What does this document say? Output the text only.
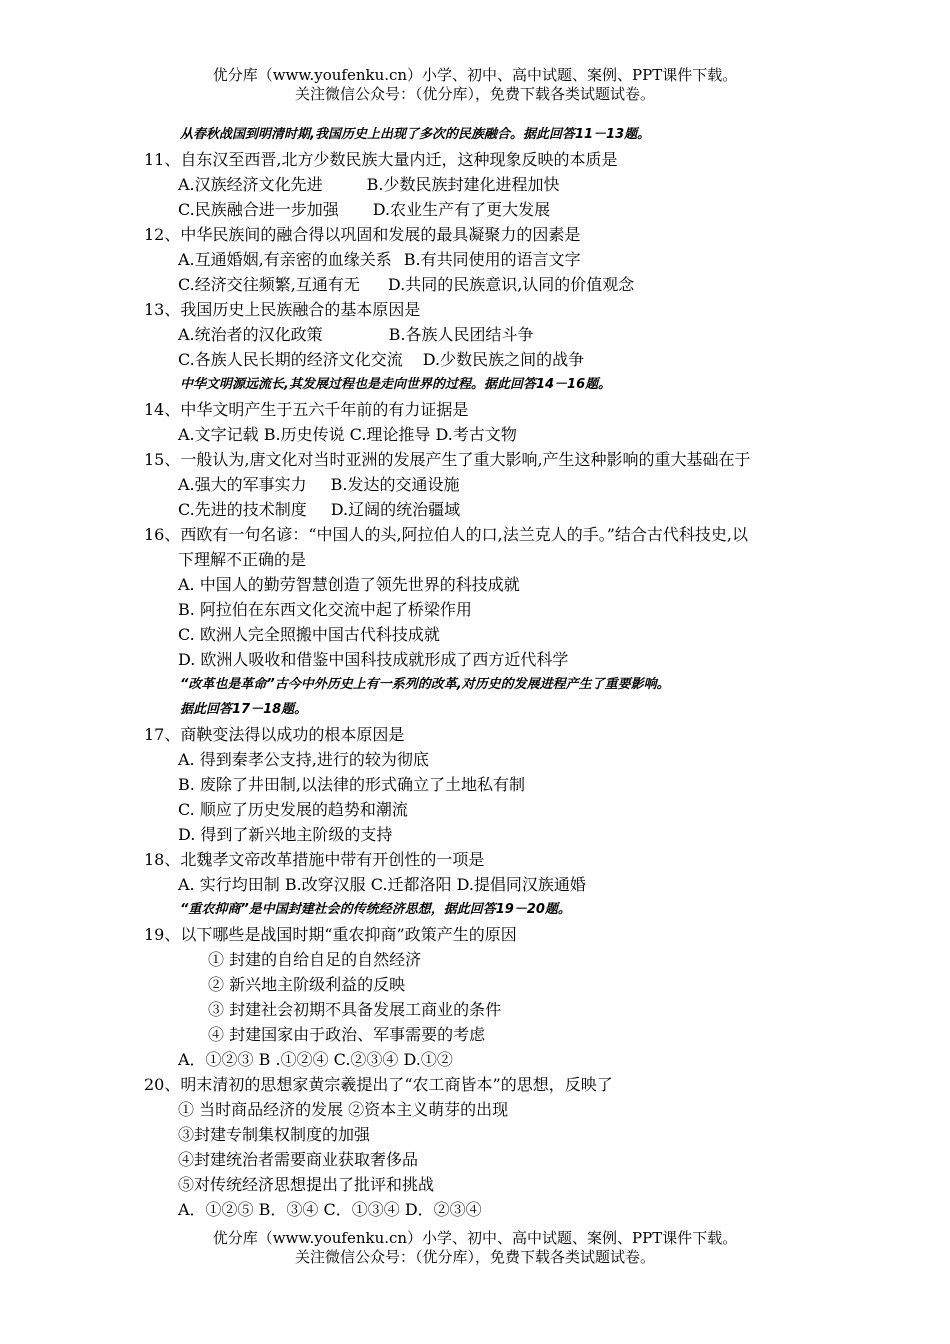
优分库（www.youfenku.cn）小学、初中、高中试题、案例、PPT课件下载。
关注微信公众号：（优分库），免费下载各类试题试卷。
从春秋战国到明清时期,我国历史上出现了多次的民族融合。据此回答11－13题。
11、自东汉至西晋,北方少数民族大量内迁，这种现象反映的本质是
A.汉族经济文化先进	B.少数民族封建化进程加快
C.民族融合进一步加强 D.农业生产有了更大发展
12、中华民族间的融合得以巩固和发展的最具凝聚力的因素是
A.互通婚姻,有亲密的血缘关系 B.有共同使用的语言文字
C.经济交往频繁,互通有无 D.共同的民族意识,认同的价值观念
13、我国历史上民族融合的基本原因是
A.统治者的汉化政策	B.各族人民团结斗争
C.各族人民长期的经济文化交流 D.少数民族之间的战争
中华文明源远流长,其发展过程也是走向世界的过程。据此回答14－16题。
14、中华文明产生于五六千年前的有力证据是
A.文字记载 B.历史传说 C.理论推导 D.考古文物
15、一般认为,唐文化对当时亚洲的发展产生了重大影响,产生这种影响的重大基础在于
A.强大的军事实力 B.发达的交通设施
C.先进的技术制度 D.辽阔的统治疆域
16、西欧有一句名谚：“中国人的头,阿拉伯人的口,法兰克人的手。”结合古代科技史,以
下理解不正确的是
A. 中国人的勤劳智慧创造了领先世界的科技成就
B. 阿拉伯在东西文化交流中起了桥梁作用
C. 欧洲人完全照搬中国古代科技成就
D. 欧洲人吸收和借鉴中国科技成就形成了西方近代科学
“改革也是革命”古今中外历史上有一系列的改革,对历史的发展进程产生了重要影响。
据此回答17－18题。
17、商鞅变法得以成功的根本原因是
A. 得到秦孝公支持,进行的较为彻底
B. 废除了井田制,以法律的形式确立了土地私有制
C. 顺应了历史发展的趋势和潮流
D. 得到了新兴地主阶级的支持
18、北魏孝文帝改革措施中带有开创性的一项是
A. 实行均田制 B.改穿汉服 C.迁都洛阳 D.提倡同汉族通婚
“重农抑商”是中国封建社会的传统经济思想，据此回答19－20题。
19、以下哪些是战国时期“重农抑商”政策产生的原因
① 封建的自给自足的自然经济
② 新兴地主阶级利益的反映
③ 封建社会初期不具备发展工商业的条件
④ 封建国家由于政治、军事需要的考虑
A．①②③ B .①②④ C.②③④ D.①②
20、明末清初的思想家黄宗羲提出了“农工商皆本”的思想，反映了
① 当时商品经济的发展 ②资本主义萌芽的出现
③封建专制集权制度的加强
④封建统治者需要商业获取奢侈品
⑤对传统经济思想提出了批评和挑战
A．①②⑤ B．③④ C．①③④ D．②③④
优分库（www.youfenku.cn）小学、初中、高中试题、案例、PPT课件下载。
关注微信公众号：（优分库），免费下载各类试题试卷。
